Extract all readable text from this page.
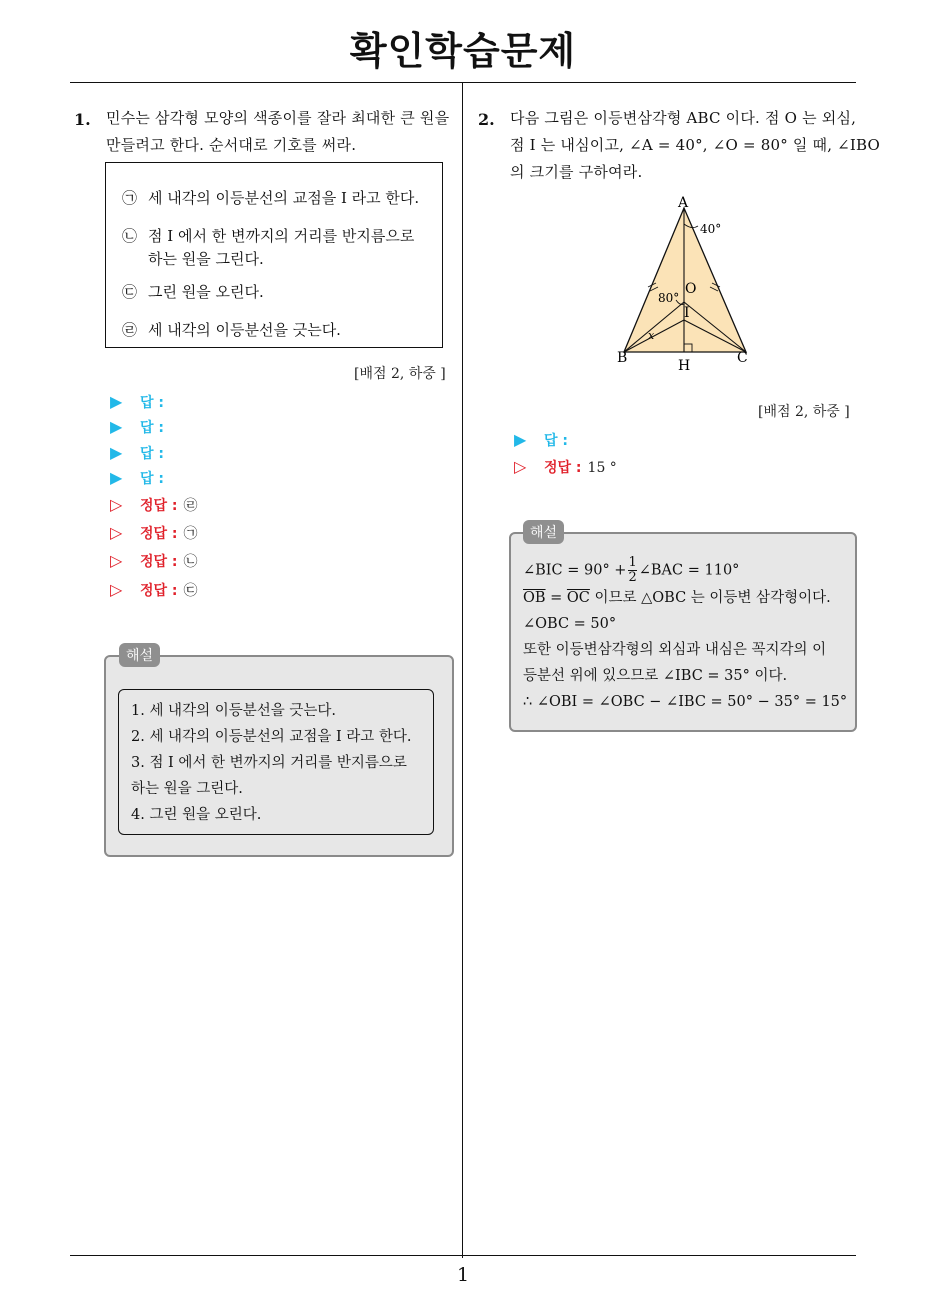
확인학습문제
1
1. 민수는 삼각형 모양의 색종이를 잘라 최대한 큰 원을
만들려고 한다. 순서대로 기호를 써라.
㉠ 세 내각의 이등분선의 교점을 I 라고 한다.
㉡ 점 I 에서 한 변까지의 거리를 반지름으로
하는 원을 그린다.
㉢ 그린 원을 오린다.
㉣ 세 내각의 이등분선을 긋는다.
[배점 2, 하중 ]
▶ 답 :
▶ 답 :
▶ 답 :
▶ 답 :
▷ 정답 : ㉣
▷ 정답 : ㉠
▷ 정답 : ㉡
▷ 정답 : ㉢
1. 세 내각의 이등분선을 긋는다.
2. 세 내각의 이등분선의 교점을 I 라고 한다.
3. 점 I 에서 한 변까지의 거리를 반지름으로
하는 원을 그린다.
4. 그린 원을 오린다.
해설
2. 다음 그림은 이등변삼각형 ABC 이다. 점 O 는 외심,
점 I 는 내심이고, ∠A = 40°, ∠O = 80° 일 때, ∠IBO
의 크기를 구하여라.
A
40°
O
80°
I
x
B	H	C
[배점 2, 하중 ]
▶ 답 :
▷ 정답 : 15 °
∠BIC = $90^\circ + \frac{1}{2}$ ∠BAC = 110°
$\overline{OB} = \overline{OC}$ 이므로 △OBC 는 이등변 삼각형이다.
∠OBC = 50°
또한 이등변삼각형의 외심과 내심은 꼭지각의 이
등분선 위에 있으므로 ∠IBC = 35° 이다.
∴ ∠OBI = ∠OBC − ∠IBC = 50° − 35° = 15°
해설
